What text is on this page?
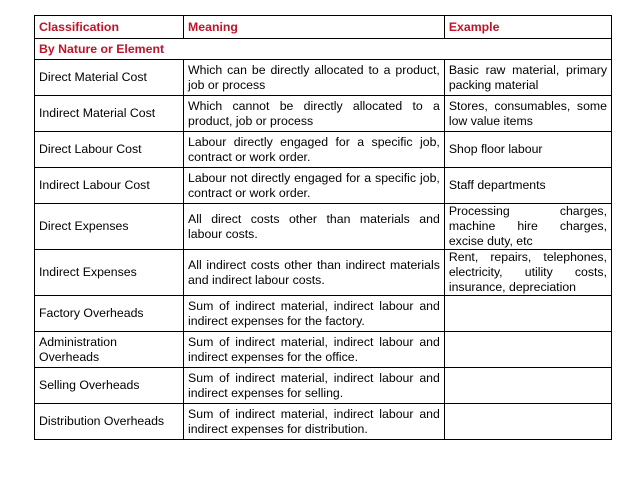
Classification	Meaning	Example
By Nature or Element		
Direct Material Cost	Which can be directly allocated to a product, job or process	Basic raw material, primary packing material
Indirect Material Cost	Which cannot be directly allocated to a product, job or process	Stores, consumables, some low value items
Direct Labour Cost	Labour directly engaged for a specific job, contract or work order.	Shop floor labour
Indirect Labour Cost	Labour not directly engaged for a specific job, contract or work order.	Staff departments
Direct Expenses	All direct costs other than materials and labour costs.	Processing charges, machine hire charges, excise duty, etc
Indirect Expenses	All indirect costs other than indirect materials and indirect labour costs.	Rent, repairs, telephones, electricity, utility costs, insurance, depreciation
Factory Overheads	Sum of indirect material, indirect labour and indirect expenses for the factory.	
Administration Overheads	Sum of indirect material, indirect labour and indirect expenses for the office.	
Selling Overheads	Sum of indirect material, indirect labour and indirect expenses for selling.	
Distribution Overheads	Sum of indirect material, indirect labour and indirect expenses for distribution.	
